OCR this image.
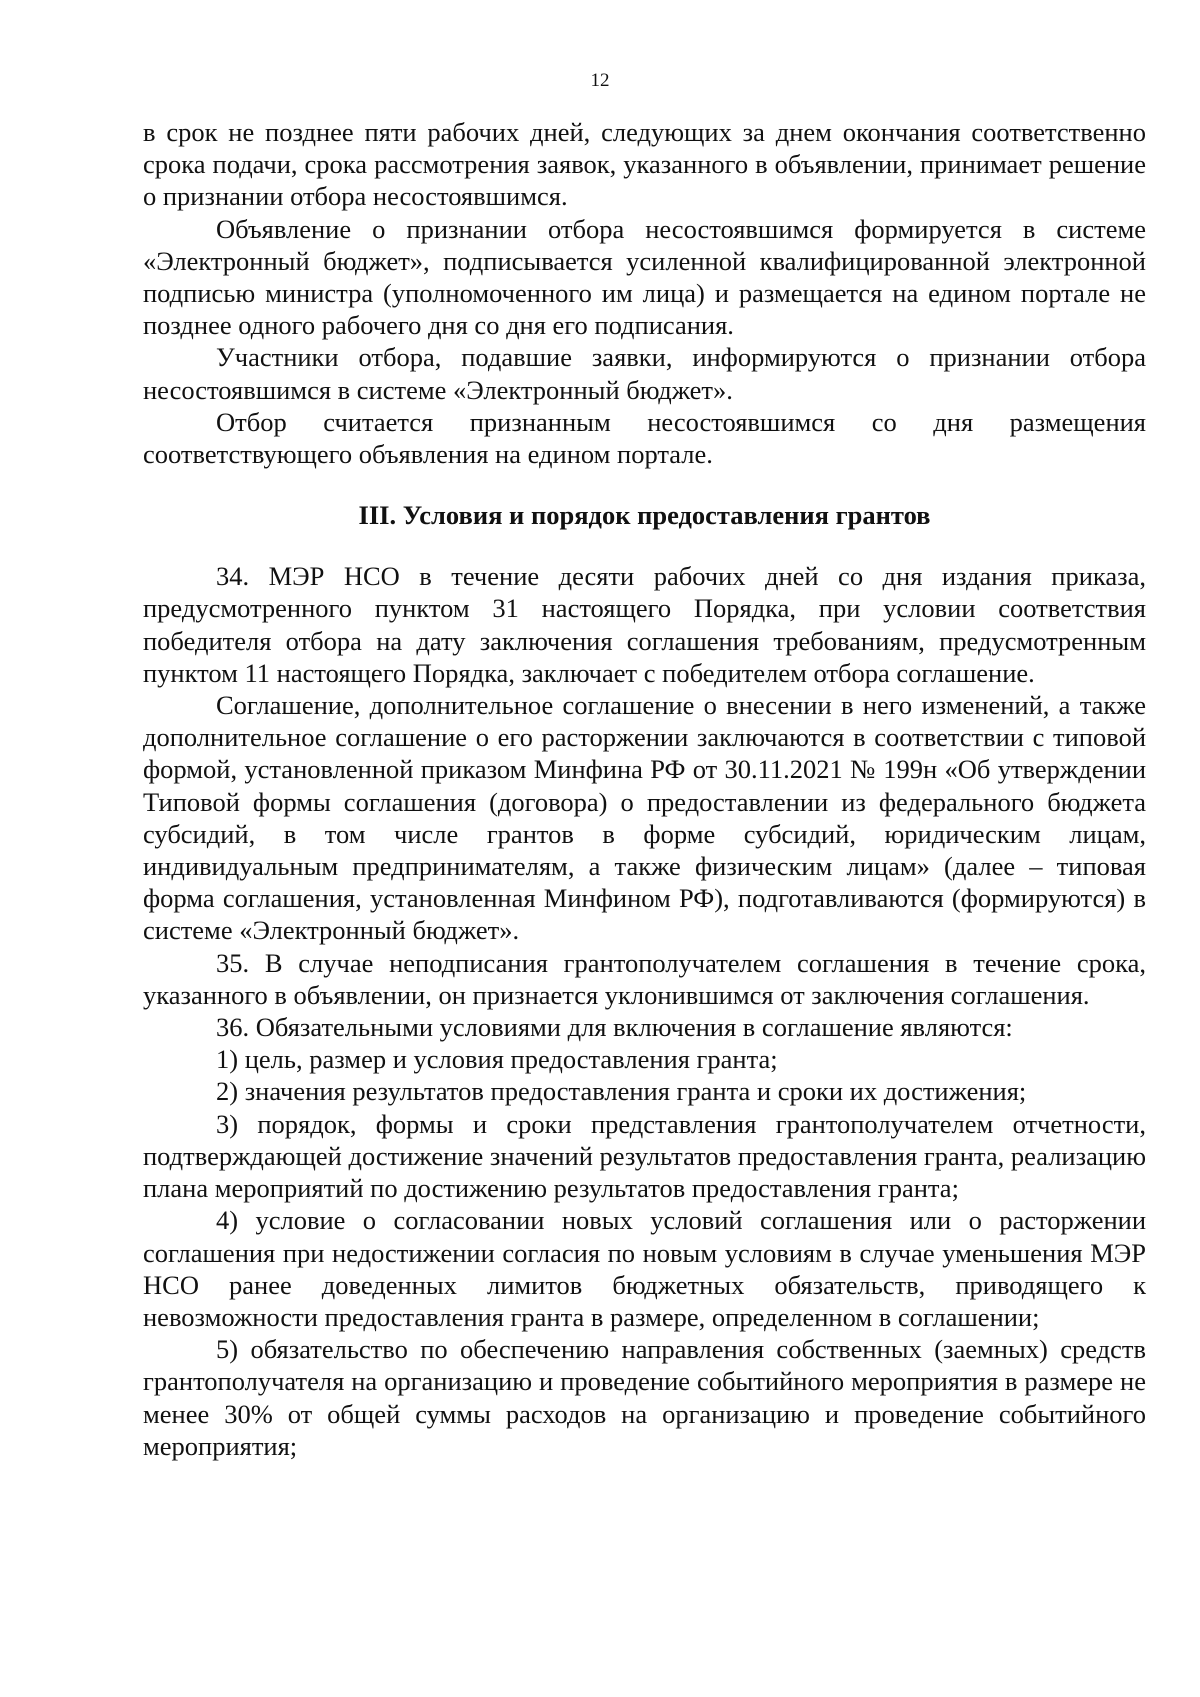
12

в срок не позднее пяти рабочих дней, следующих за днем окончания соответственно срока подачи, срока рассмотрения заявок, указанного в объявлении, принимает решение о признании отбора несостоявшимся.

Объявление о признании отбора несостоявшимся формируется в системе «Электронный бюджет», подписывается усиленной квалифицированной электронной подписью министра (уполномоченного им лица) и размещается на едином портале не позднее одного рабочего дня со дня его подписания.

Участники отбора, подавшие заявки, информируются о признании отбора несостоявшимся в системе «Электронный бюджет».

Отбор считается признанным несостоявшимся со дня размещения соответствующего объявления на едином портале.

III. Условия и порядок предоставления грантов

34. МЭР НСО в течение десяти рабочих дней со дня издания приказа, предусмотренного пунктом 31 настоящего Порядка, при условии соответствия победителя отбора на дату заключения соглашения требованиям, предусмотренным пунктом 11 настоящего Порядка, заключает с победителем отбора соглашение.

Соглашение, дополнительное соглашение о внесении в него изменений, а также дополнительное соглашение о его расторжении заключаются в соответствии с типовой формой, установленной приказом Минфина РФ от 30.11.2021 № 199н «Об утверждении Типовой формы соглашения (договора) о предоставлении из федерального бюджета субсидий, в том числе грантов в форме субсидий, юридическим лицам, индивидуальным предпринимателям, а также физическим лицам» (далее – типовая форма соглашения, установленная Минфином РФ), подготавливаются (формируются) в системе «Электронный бюджет».

35. В случае неподписания грантополучателем соглашения в течение срока, указанного в объявлении, он признается уклонившимся от заключения соглашения.

36. Обязательными условиями для включения в соглашение являются:

1) цель, размер и условия предоставления гранта;

2) значения результатов предоставления гранта и сроки их достижения;

3) порядок, формы и сроки представления грантополучателем отчетности, подтверждающей достижение значений результатов предоставления гранта, реализацию плана мероприятий по достижению результатов предоставления гранта;

4) условие о согласовании новых условий соглашения или о расторжении соглашения при недостижении согласия по новым условиям в случае уменьшения МЭР НСО ранее доведенных лимитов бюджетных обязательств, приводящего к невозможности предоставления гранта в размере, определенном в соглашении;

5) обязательство по обеспечению направления собственных (заемных) средств грантополучателя на организацию и проведение событийного мероприятия в размере не менее 30% от общей суммы расходов на организацию и проведение событийного мероприятия;
